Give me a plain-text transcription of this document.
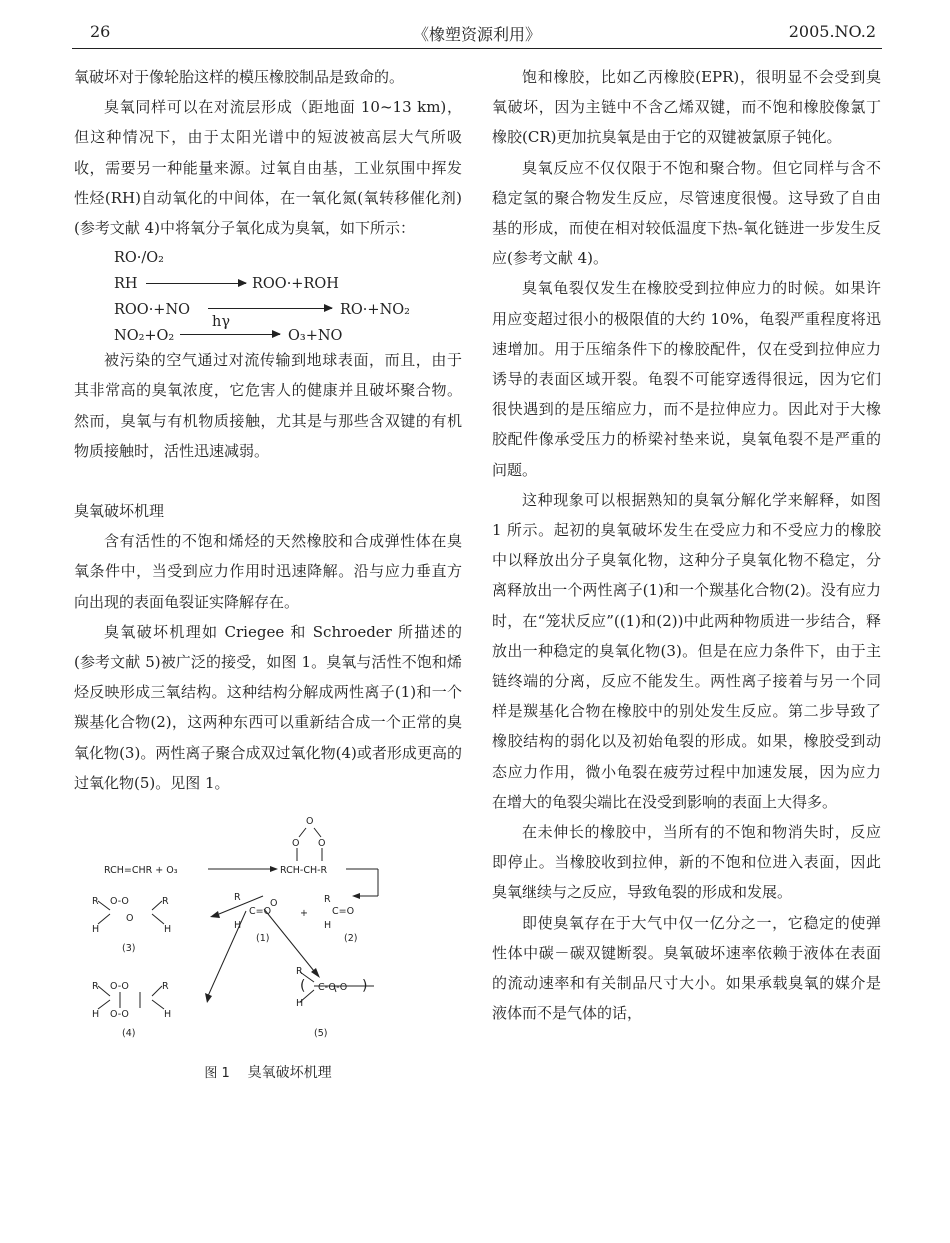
26	《橡塑资源利用》	2005.NO.2

氧破坏对于像轮胎这样的模压橡胶制品是致命的。

臭氧同样可以在对流层形成（距地面 10~13 km)，但这种情况下，由于太阳光谱中的短波被高层大气所吸收，需要另一种能量来源。过氧自由基，工业氛围中挥发性烃(RH)自动氧化的中间体，在一氧化氮(氧转移催化剂)(参考文献 4)中将氧分子氧化成为臭氧，如下所示：

RO·/O₂
RH	ROO·+ROH
ROO·+NO	RO·+NO₂
hγ
NO₂+O₂	O₃+NO

被污染的空气通过对流传输到地球表面，而且，由于其非常高的臭氧浓度，它危害人的健康并且破坏聚合物。然而，臭氧与有机物质接触，尤其是与那些含双键的有机物质接触时，活性迅速减弱。

臭氧破坏机理

含有活性的不饱和烯烃的天然橡胶和合成弹性体在臭氧条件中，当受到应力作用时迅速降解。沿与应力垂直方向出现的表面龟裂证实降解存在。

臭氧破坏机理如 Criegee 和 Schroeder 所描述的(参考文献 5)被广泛的接受，如图 1。臭氧与活性不饱和烯烃反映形成三氧结构。这种结构分解成两性离子(1)和一个羰基化合物(2)，这两种东西可以重新结合成一个正常的臭氧化物(3)。两性离子聚合成双过氧化物(4)或者形成更高的过氧化物(5)。见图 1。

O
O O
RCH=CHR + O₃	RCH-CH-R
R O-O	R
O
H	H
(3)
R
C=O
O
H
(1)
+
R
C=O
H
(2)
R O-O	R
H O-O	H
(4)
R
( C-O-O )
H
(5)
图 1 臭氧破坏机理

饱和橡胶，比如乙丙橡胶(EPR)，很明显不会受到臭氧破坏，因为主链中不含乙烯双键，而不饱和橡胶像氯丁橡胶(CR)更加抗臭氧是由于它的双键被氯原子钝化。

臭氧反应不仅仅限于不饱和聚合物。但它同样与含不稳定氢的聚合物发生反应，尽管速度很慢。这导致了自由基的形成，而使在相对较低温度下热-氧化链进一步发生反应(参考文献 4)。

臭氧龟裂仅发生在橡胶受到拉伸应力的时候。如果许用应变超过很小的极限值的大约 10%，龟裂严重程度将迅速增加。用于压缩条件下的橡胶配件，仅在受到拉伸应力诱导的表面区域开裂。龟裂不可能穿透得很远，因为它们很快遇到的是压缩应力，而不是拉伸应力。因此对于大橡胶配件像承受压力的桥梁衬垫来说，臭氧龟裂不是严重的问题。

这种现象可以根据熟知的臭氧分解化学来解释，如图 1 所示。起初的臭氧破坏发生在受应力和不受应力的橡胶中以释放出分子臭氧化物，这种分子臭氧化物不稳定，分离释放出一个两性离子(1)和一个羰基化合物(2)。没有应力时，在“笼状反应”((1)和(2))中此两种物质进一步结合，释放出一种稳定的臭氧化物(3)。但是在应力条件下，由于主链终端的分离，反应不能发生。两性离子接着与另一个同样是羰基化合物在橡胶中的别处发生反应。第二步导致了橡胶结构的弱化以及初始龟裂的形成。如果，橡胶受到动态应力作用，微小龟裂在疲劳过程中加速发展，因为应力在增大的龟裂尖端比在没受到影响的表面上大得多。

在未伸长的橡胶中，当所有的不饱和物消失时，反应即停止。当橡胶收到拉伸，新的不饱和位进入表面，因此臭氧继续与之反应，导致龟裂的形成和发展。

即使臭氧存在于大气中仅一亿分之一，它稳定的使弹性体中碳－碳双键断裂。臭氧破坏速率依赖于液体在表面的流动速率和有关制品尺寸大小。如果承载臭氧的媒介是液体而不是气体的话，
